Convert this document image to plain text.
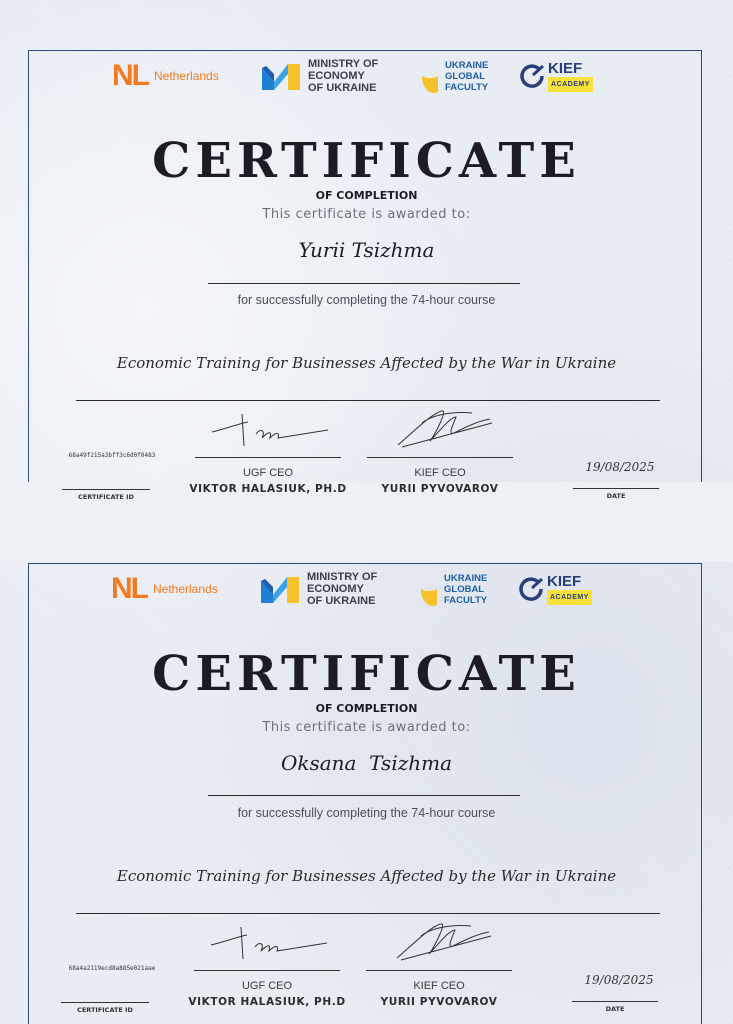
NL Netherlands
MINISTRY OF
ECONOMY
OF UKRAINE
UKRAINE
GLOBAL
FACULTY
KIEF
ACADEMY
CERTIFICATE
OF COMPLETION
This certificate is awarded to:
Yurii Tsizhma
for successfully completing the 74-hour course
Economic Training for Businesses Affected by the War in Ukraine
68a49f215a3bff3c6d0f0483
CERTIFICATE ID
UGF CEO
VIKTOR HALASIUK, PH.D
KIEF CEO
YURII PYVOVAROV
19/08/2025
DATE
NL Netherlands
MINISTRY OF
ECONOMY
OF UKRAINE
UKRAINE
GLOBAL
FACULTY
KIEF
ACADEMY
CERTIFICATE
OF COMPLETION
This certificate is awarded to:
Oksana  Tsizhma
for successfully completing the 74-hour course
Economic Training for Businesses Affected by the War in Ukraine
68a4a2119ecd8a885e021aae
CERTIFICATE ID
UGF CEO
VIKTOR HALASIUK, PH.D
KIEF CEO
YURII PYVOVAROV
19/08/2025
DATE
